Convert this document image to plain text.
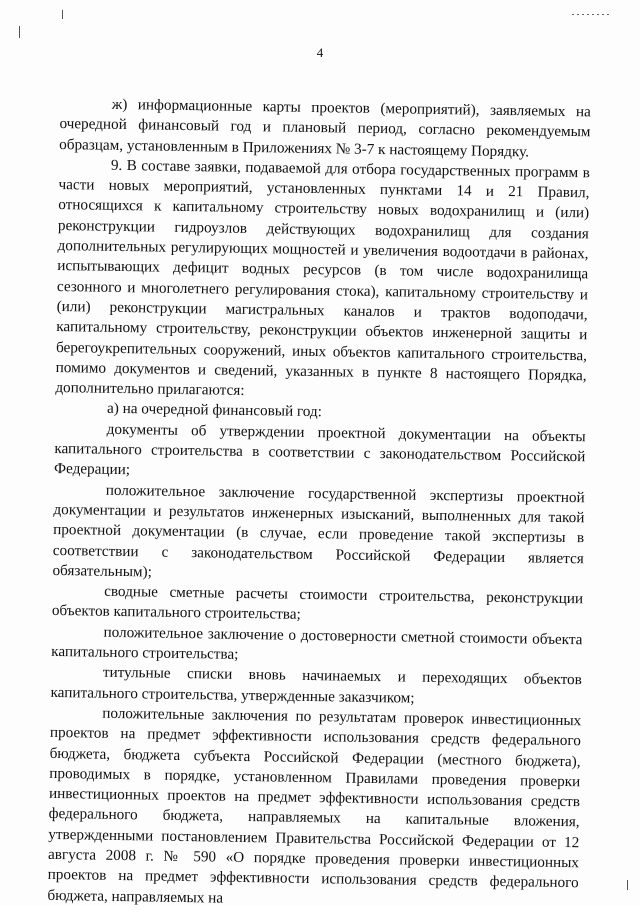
4

ж) информационные карты проектов (мероприятий), заявляемых на очередной финансовый год и плановый период, согласно рекомендуемым образцам, установленным в Приложениях № 3-7 к настоящему Порядку.

9. В составе заявки, подаваемой для отбора государственных программ в части новых мероприятий, установленных пунктами 14 и 21 Правил, относящихся к капитальному строительству новых водохранилищ и (или) реконструкции гидроузлов действующих водохранилищ для создания дополнительных регулирующих мощностей и увеличения водоотдачи в районах, испытывающих дефицит водных ресурсов (в том числе водохранилища сезонного и многолетнего регулирования стока), капитальному строительству и (или) реконструкции магистральных каналов и трактов водоподачи, капитальному строительству, реконструкции объектов инженерной защиты и берегоукрепительных сооружений, иных объектов капитального строительства, помимо документов и сведений, указанных в пункте 8 настоящего Порядка, дополнительно прилагаются:

а) на очередной финансовый год:

документы об утверждении проектной документации на объекты капитального строительства в соответствии с законодательством Российской Федерации;

положительное заключение государственной экспертизы проектной документации и результатов инженерных изысканий, выполненных для такой проектной документации (в случае, если проведение такой экспертизы в соответствии с законодательством Российской Федерации является обязательным);

сводные сметные расчеты стоимости строительства, реконструкции объектов капитального строительства;

положительное заключение о достоверности сметной стоимости объекта капитального строительства;

титульные списки вновь начинаемых и переходящих объектов капитального строительства, утвержденные заказчиком;

положительные заключения по результатам проверок инвестиционных проектов на предмет эффективности использования средств федерального бюджета, бюджета субъекта Российской Федерации (местного бюджета), проводимых в порядке, установленном Правилами проведения проверки инвестиционных проектов на предмет эффективности использования средств федерального бюджета, направляемых на капитальные вложения, утвержденными постановлением Правительства Российской Федерации от 12 августа 2008 г. № 590 «О порядке проведения проверки инвестиционных проектов на предмет эффективности использования средств федерального бюджета, направляемых на
